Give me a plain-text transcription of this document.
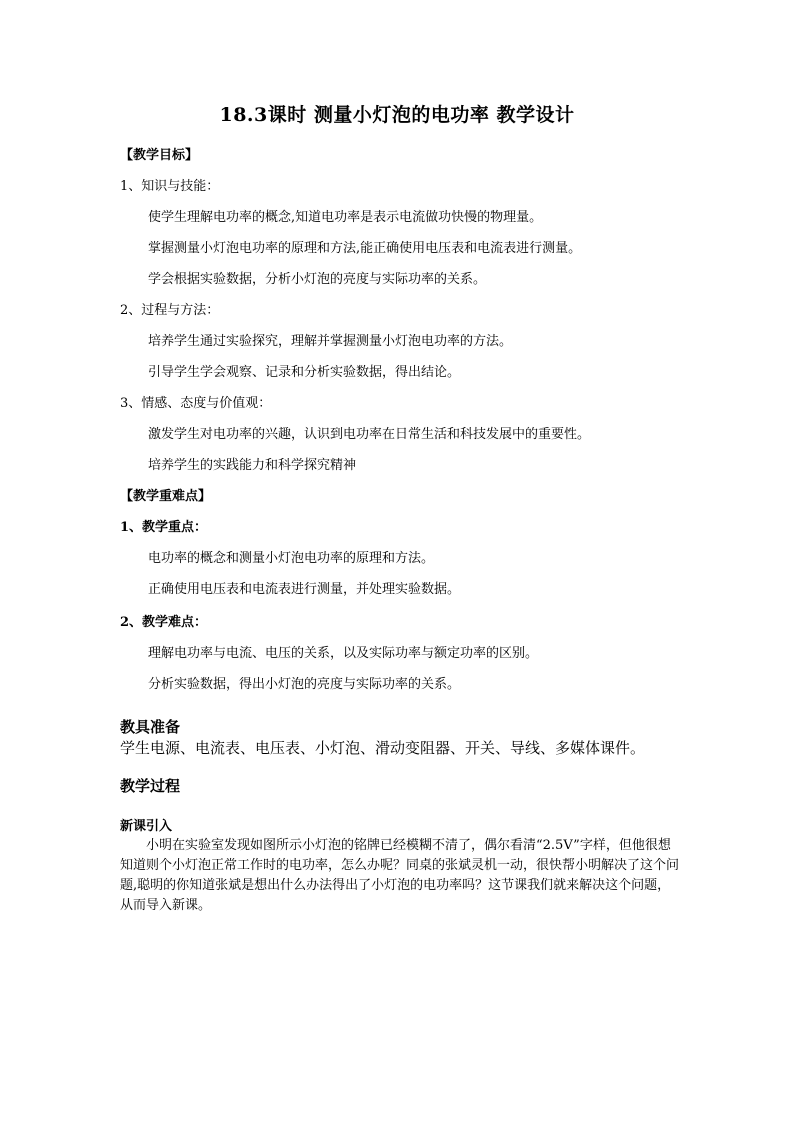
18.3课时 测量小灯泡的电功率 教学设计
【教学目标】
1、知识与技能：
使学生理解电功率的概念,知道电功率是表示电流做功快慢的物理量。
掌握测量小灯泡电功率的原理和方法,能正确使用电压表和电流表进行测量。
学会根据实验数据，分析小灯泡的亮度与实际功率的关系。
2、过程与方法：
培养学生通过实验探究，理解并掌握测量小灯泡电功率的方法。
引导学生学会观察、记录和分析实验数据，得出结论。
3、情感、态度与价值观：
激发学生对电功率的兴趣，认识到电功率在日常生活和科技发展中的重要性。
培养学生的实践能力和科学探究精神
【教学重难点】
1、教学重点：
电功率的概念和测量小灯泡电功率的原理和方法。
正确使用电压表和电流表进行测量，并处理实验数据。
2、教学难点：
理解电功率与电流、电压的关系，以及实际功率与额定功率的区别。
分析实验数据，得出小灯泡的亮度与实际功率的关系。
教具准备
学生电源、电流表、电压表、小灯泡、滑动变阻器、开关、导线、多媒体课件。
教学过程
新课引入
小明在实验室发现如图所示小灯泡的铭牌已经模糊不清了，偶尔看清“2.5V”字样，但他很想知道则个小灯泡正常工作时的电功率，怎么办呢？同桌的张斌灵机一动，很快帮小明解决了这个问题,聪明的你知道张斌是想出什么办法得出了小灯泡的电功率吗？这节课我们就来解决这个问题，从而导入新课。
